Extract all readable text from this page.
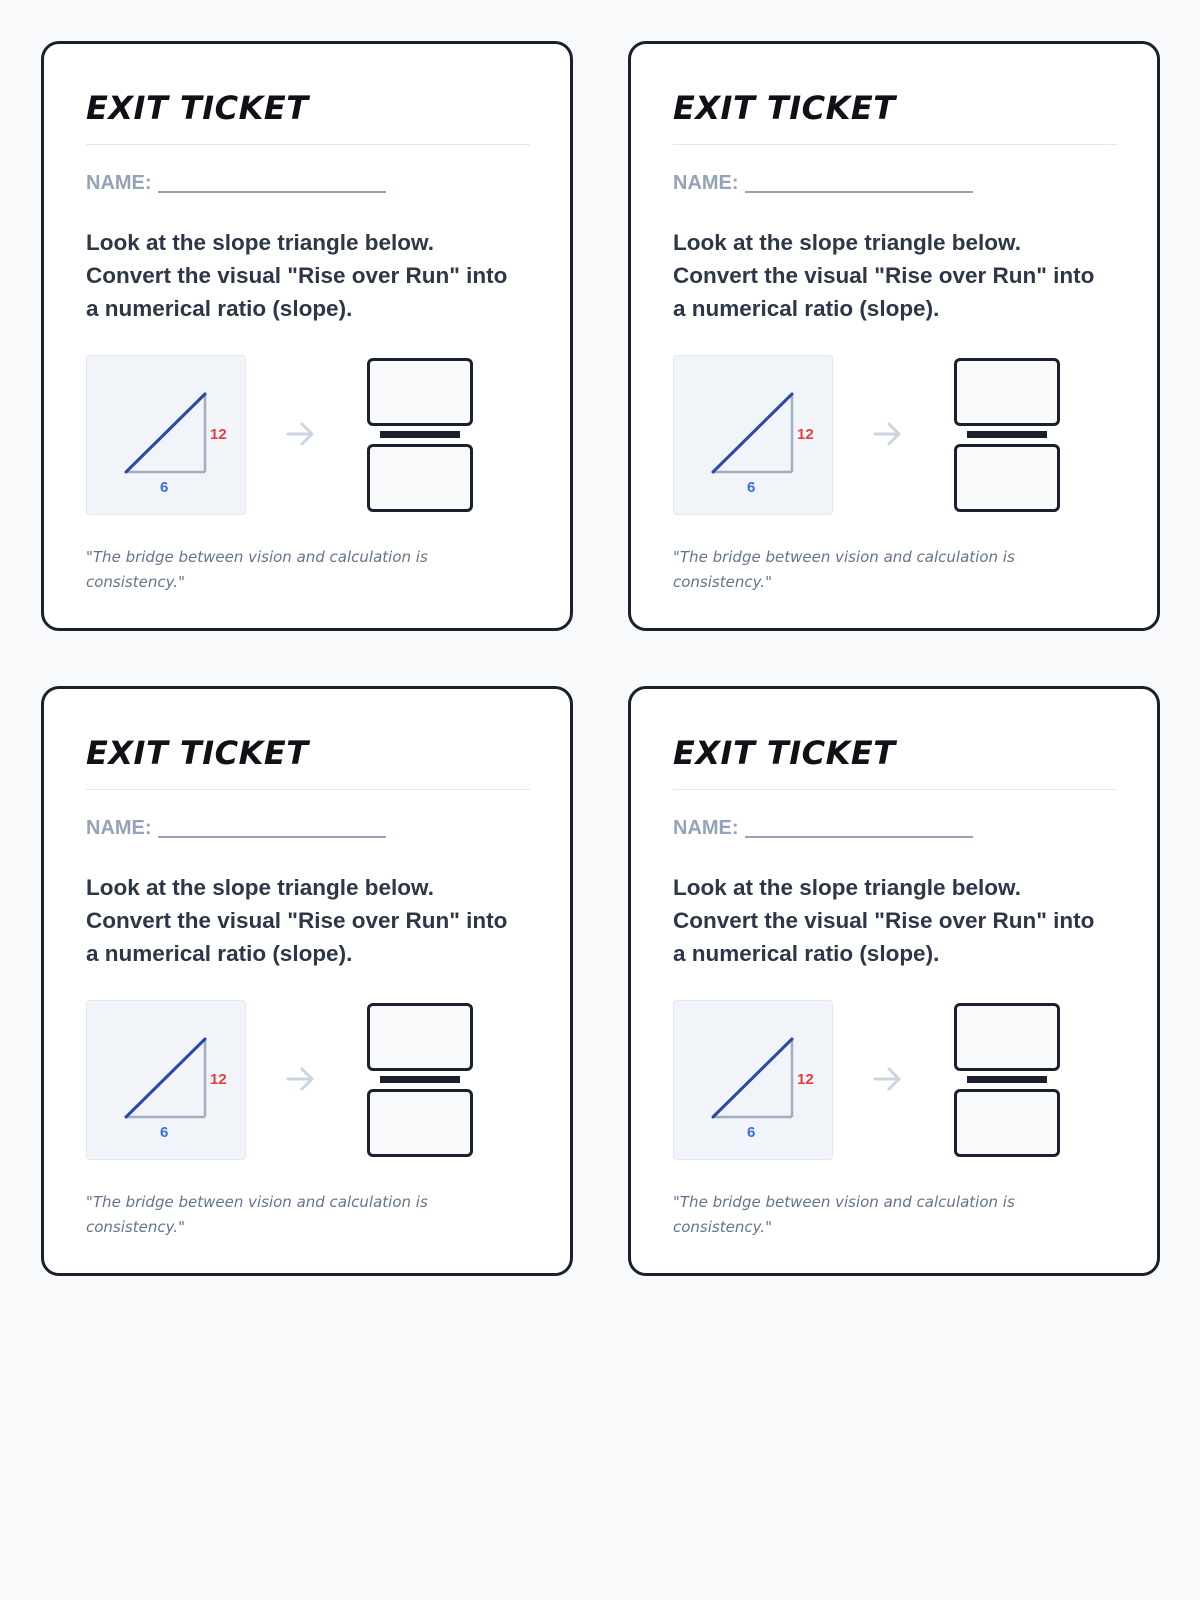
EXIT TICKET
NAME:
Look at the slope triangle below.
Convert the visual "Rise over Run" into
a numerical ratio (slope).
12
6
"The bridge between vision and calculation is consistency."
EXIT TICKET
NAME:
Look at the slope triangle below.
Convert the visual "Rise over Run" into
a numerical ratio (slope).
12
6
"The bridge between vision and calculation is consistency."
EXIT TICKET
NAME:
Look at the slope triangle below.
Convert the visual "Rise over Run" into
a numerical ratio (slope).
12
6
"The bridge between vision and calculation is consistency."
EXIT TICKET
NAME:
Look at the slope triangle below.
Convert the visual "Rise over Run" into
a numerical ratio (slope).
12
6
"The bridge between vision and calculation is consistency."
